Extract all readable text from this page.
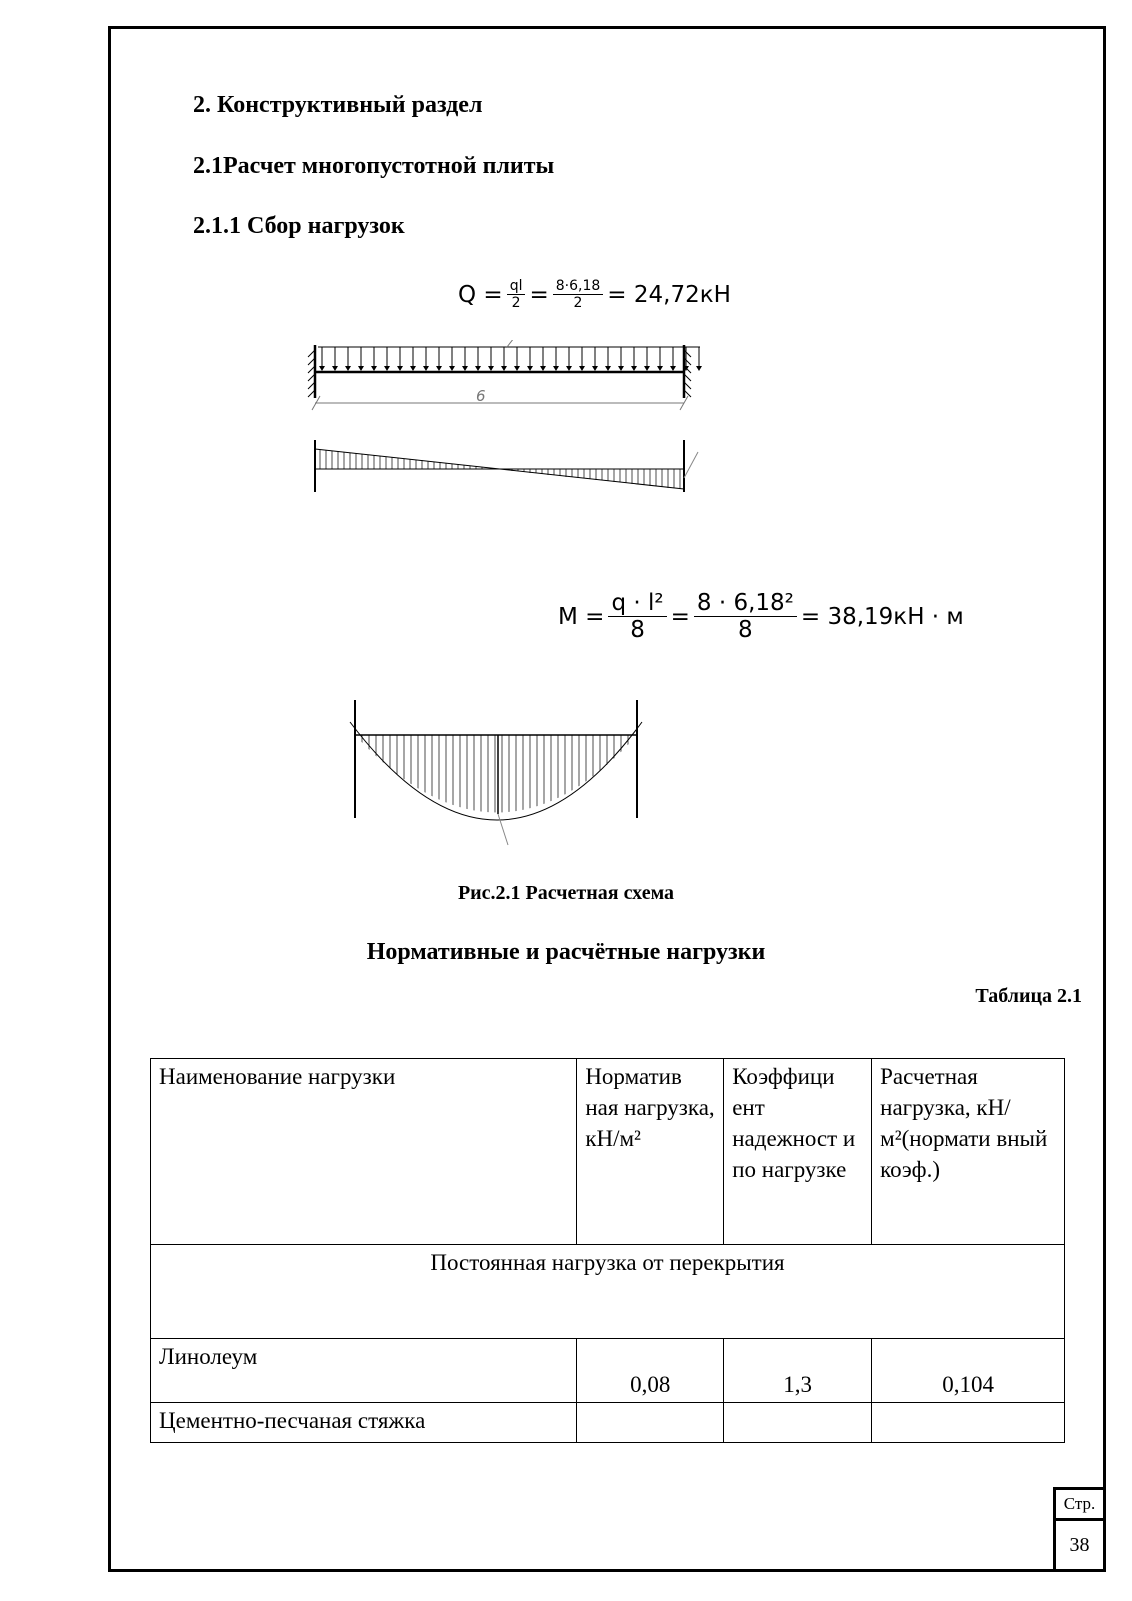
2. Конструктивный раздел
2.1Расчет многопустотной плиты
2.1.1 Сбор нагрузок
$Q = \frac{ql}{2} = \frac{8\cdot 6,18}{2} = 24,72кН$
6
$М = \frac{\text{q · l²}}{8} = \frac{\text{8 · 6,18²}}{8} = 38,19кН \cdot м$
Рис.2.1 Расчетная схема
Нормативные и расчётные нагрузки
Таблица 2.1
Наименование нагрузки	Норматив ная нагрузка, кН/м²	Коэффици ент надежност и по нагрузке	Расчетная нагрузка, кН/м²(нормати вный коэф.)
Постоянная нагрузка от перекрытия			
Линолеум	0,08	1,3	0,104
Цементно-песчаная стяжка			
Стр.
38
